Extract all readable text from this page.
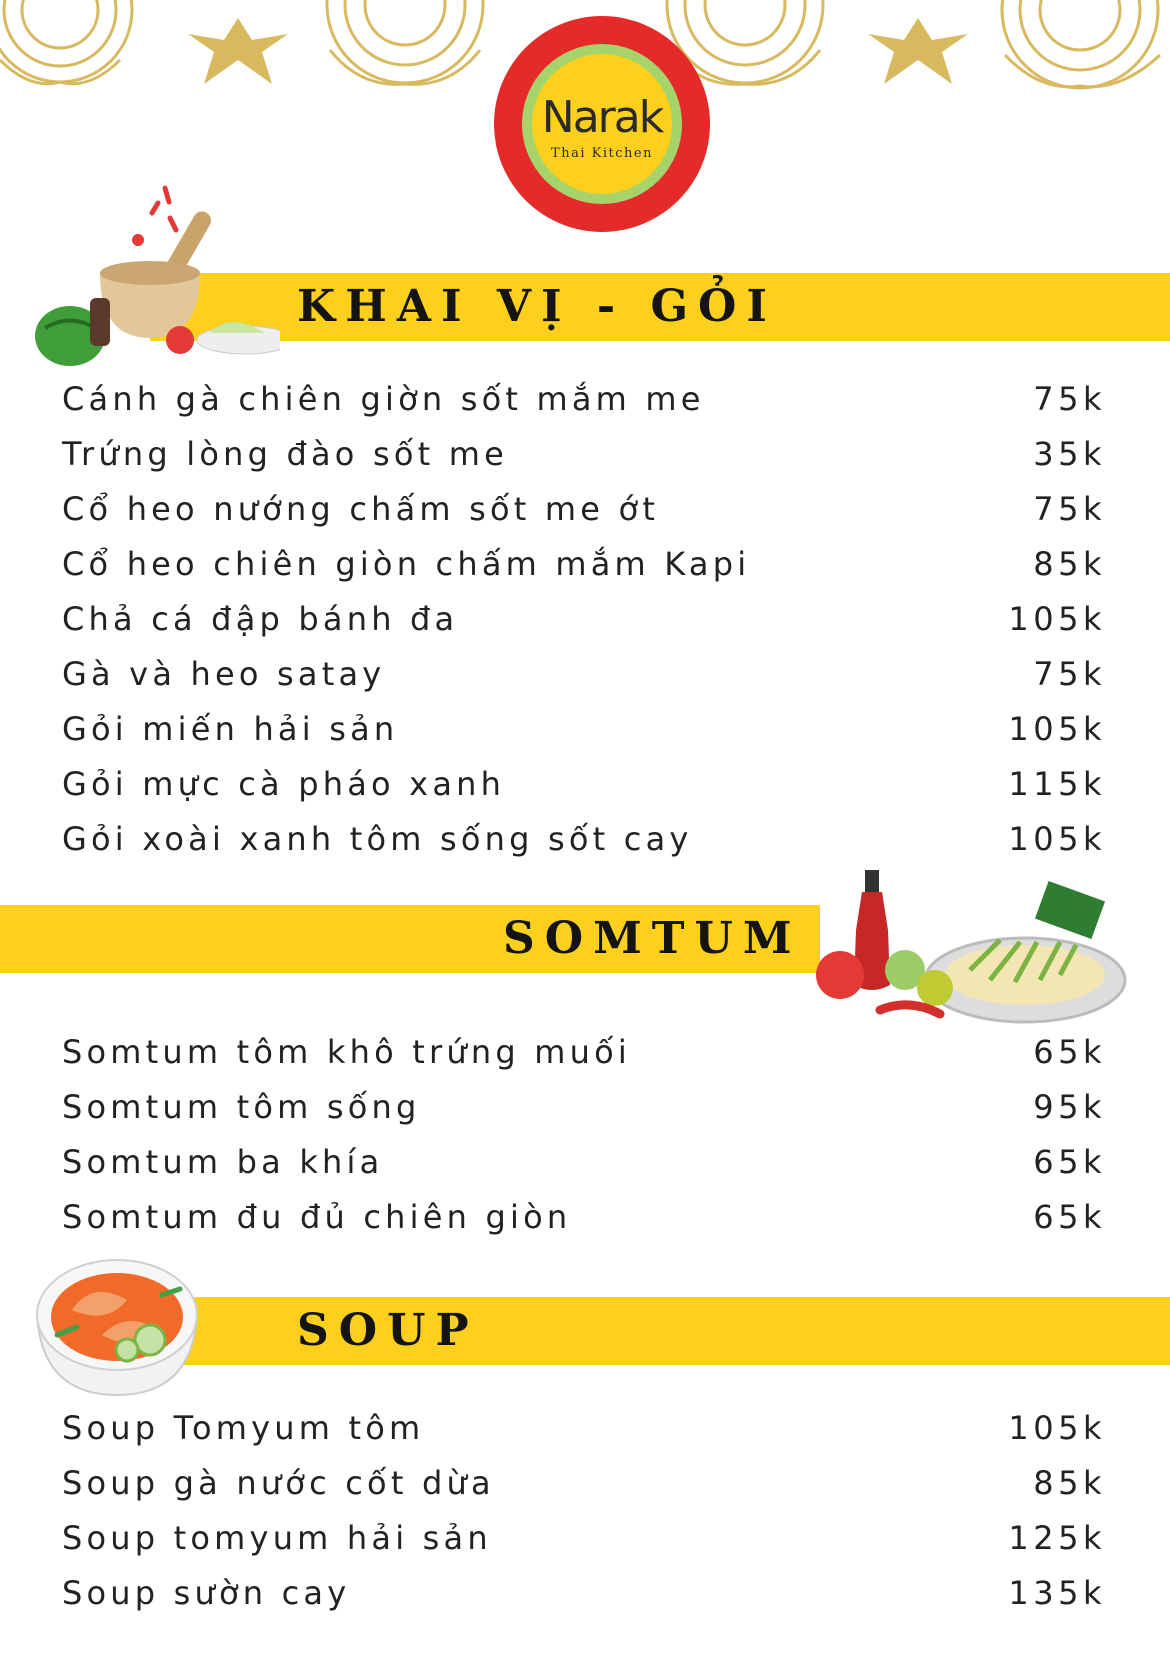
Narak
Thai Kitchen
KHAI VỊ - GỎI
Cánh gà chiên giờn sốt mắm me	75k
Trứng lòng đào sốt me	35k
Cổ heo nướng chấm sốt me ớt	75k
Cổ heo chiên giòn chấm mắm Kapi	85k
Chả cá đập bánh đa	105k
Gà và heo satay	75k
Gỏi miến hải sản	105k
Gỏi mực cà pháo xanh	115k
Gỏi xoài xanh tôm sống sốt cay	105k
SOMTUM
Somtum tôm khô trứng muối	65k
Somtum tôm sống	95k
Somtum ba khía	65k
Somtum đu đủ chiên giòn	65k
SOUP
Soup Tomyum tôm	105k
Soup gà nước cốt dừa	85k
Soup tomyum hải sản	125k
Soup sườn cay	135k
